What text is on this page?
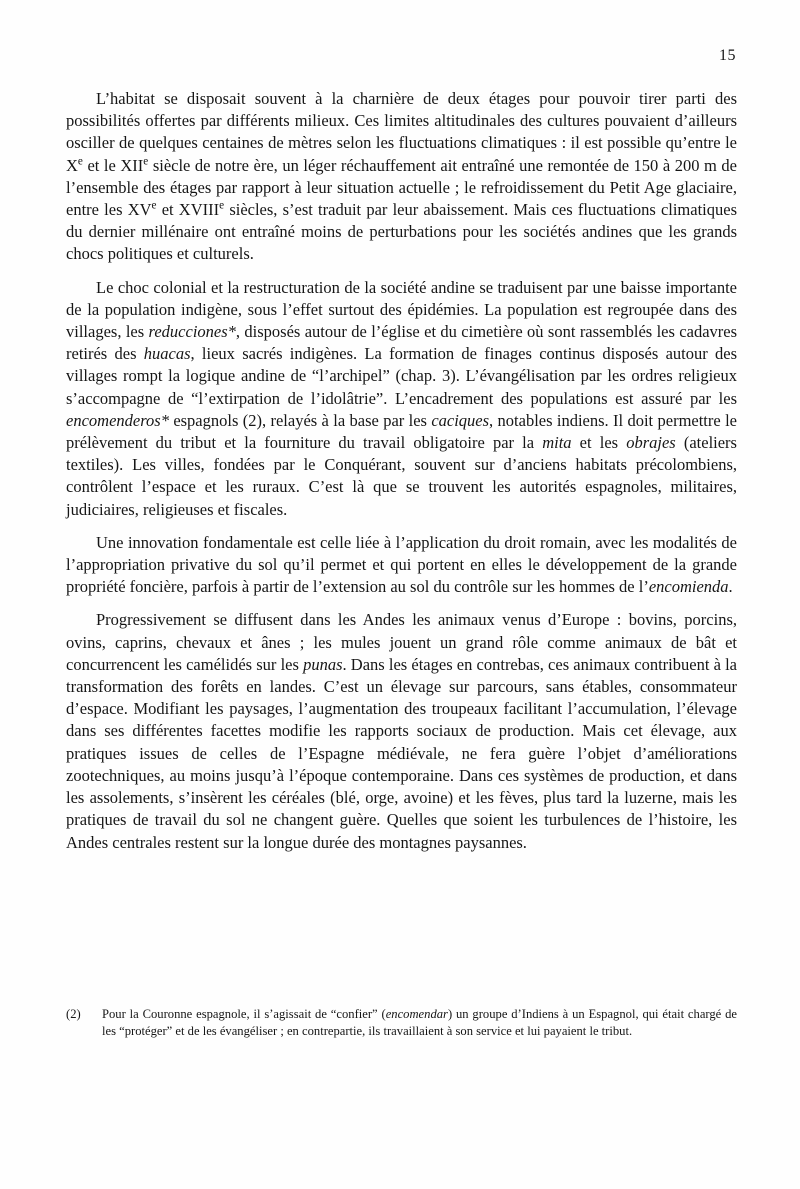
15

L’habitat se disposait souvent à la charnière de deux étages pour pouvoir tirer parti des possibilités offertes par différents milieux. Ces limites altitudinales des cultures pouvaient d’ailleurs osciller de quelques centaines de mètres selon les fluctuations climatiques : il est possible qu’entre le Xe et le XIIe siècle de notre ère, un léger réchauffement ait entraîné une remontée de 150 à 200 m de l’ensemble des étages par rapport à leur situation actuelle ; le refroidissement du Petit Age glaciaire, entre les XVe et XVIIIe siècles, s’est traduit par leur abaissement. Mais ces fluctuations climatiques du dernier millénaire ont entraîné moins de perturbations pour les sociétés andines que les grands chocs politiques et culturels.

Le choc colonial et la restructuration de la société andine se traduisent par une baisse importante de la population indigène, sous l’effet surtout des épidémies. La population est regroupée dans des villages, les reducciones*, disposés autour de l’église et du cimetière où sont rassemblés les cadavres retirés des huacas, lieux sacrés indigènes. La formation de finages continus disposés autour des villages rompt la logique andine de “l’archipel” (chap. 3). L’évangélisation par les ordres religieux s’accompagne de “l’extirpation de l’idolâtrie”. L’encadrement des populations est assuré par les encomenderos* espagnols (2), relayés à la base par les caciques, notables indiens. Il doit permettre le prélèvement du tribut et la fourniture du travail obligatoire par la mita et les obrajes (ateliers textiles). Les villes, fondées par le Conquérant, souvent sur d’anciens habitats précolombiens, contrôlent l’espace et les ruraux. C’est là que se trouvent les autorités espagnoles, militaires, judiciaires, religieuses et fiscales.

Une innovation fondamentale est celle liée à l’application du droit romain, avec les modalités de l’appropriation privative du sol qu’il permet et qui portent en elles le développement de la grande propriété foncière, parfois à partir de l’extension au sol du contrôle sur les hommes de l’encomienda.

Progressivement se diffusent dans les Andes les animaux venus d’Europe : bovins, porcins, ovins, caprins, chevaux et ânes ; les mules jouent un grand rôle comme animaux de bât et concurrencent les camélidés sur les punas. Dans les étages en contrebas, ces animaux contribuent à la transformation des forêts en landes. C’est un élevage sur parcours, sans étables, consommateur d’espace. Modifiant les paysages, l’augmentation des troupeaux facilitant l’accumulation, l’élevage dans ses différentes facettes modifie les rapports sociaux de production. Mais cet élevage, aux pratiques issues de celles de l’Espagne médiévale, ne fera guère l’objet d’améliorations zootechniques, au moins jusqu’à l’époque contemporaine. Dans ces systèmes de production, et dans les assolements, s’insèrent les céréales (blé, orge, avoine) et les fèves, plus tard la luzerne, mais les pratiques de travail du sol ne changent guère. Quelles que soient les turbulences de l’histoire, les Andes centrales restent sur la longue durée des montagnes paysannes.

(2) Pour la Couronne espagnole, il s’agissait de “confier” (encomendar) un groupe d’Indiens à un Espagnol, qui était chargé de les “protéger” et de les évangéliser ; en contrepartie, ils travaillaient à son service et lui payaient le tribut.
